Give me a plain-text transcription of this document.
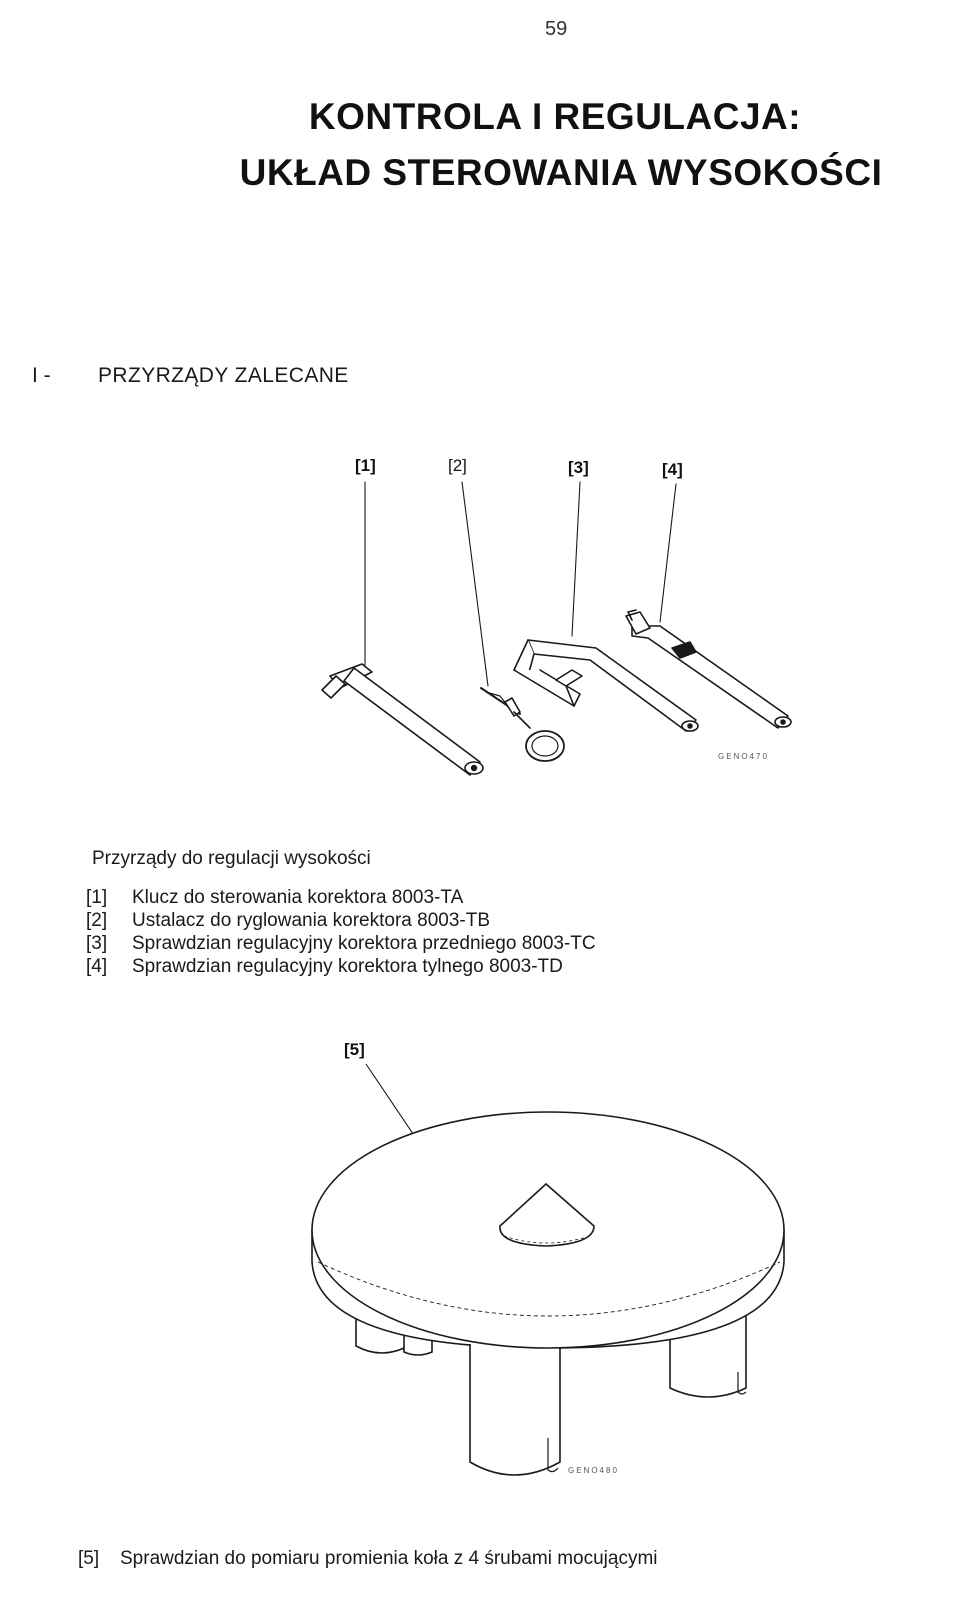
59
KONTROLA I REGULACJA:
UKŁAD STEROWANIA WYSOKOŚCI
I - PRZYRZĄDY ZALECANE
[1]	[2]	[3]	[4]
GENO470
Przyrządy do regulacji wysokości
[1] Klucz do sterowania korektora 8003-TA
[2] Ustalacz do ryglowania korektora 8003-TB
[3] Sprawdzian regulacyjny korektora przedniego 8003-TC
[4] Sprawdzian regulacyjny korektora tylnego 8003-TD
[5]
GENO480
[5] Sprawdzian do pomiaru promienia koła z 4 śrubami mocującymi
